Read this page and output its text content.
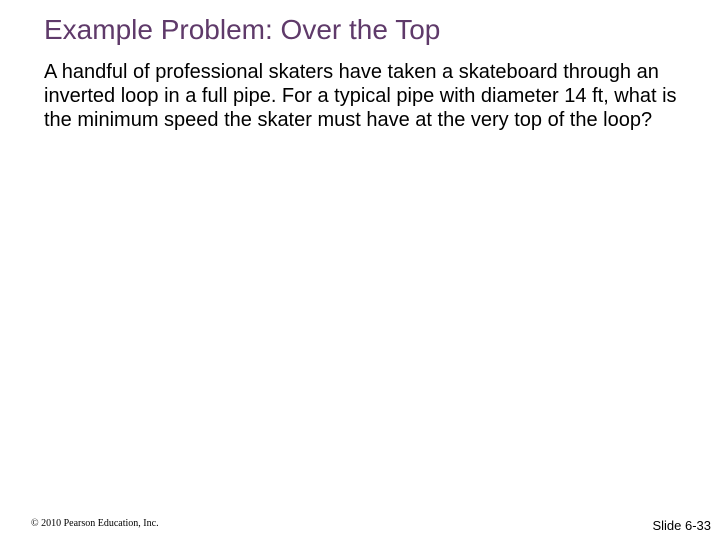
Example Problem: Over the Top

A handful of professional skaters have taken a skateboard through an inverted loop in a full pipe. For a typical pipe with diameter 14 ft, what is the minimum speed the skater must have at the very top of the loop?

© 2010 Pearson Education, Inc.	Slide 6-33
